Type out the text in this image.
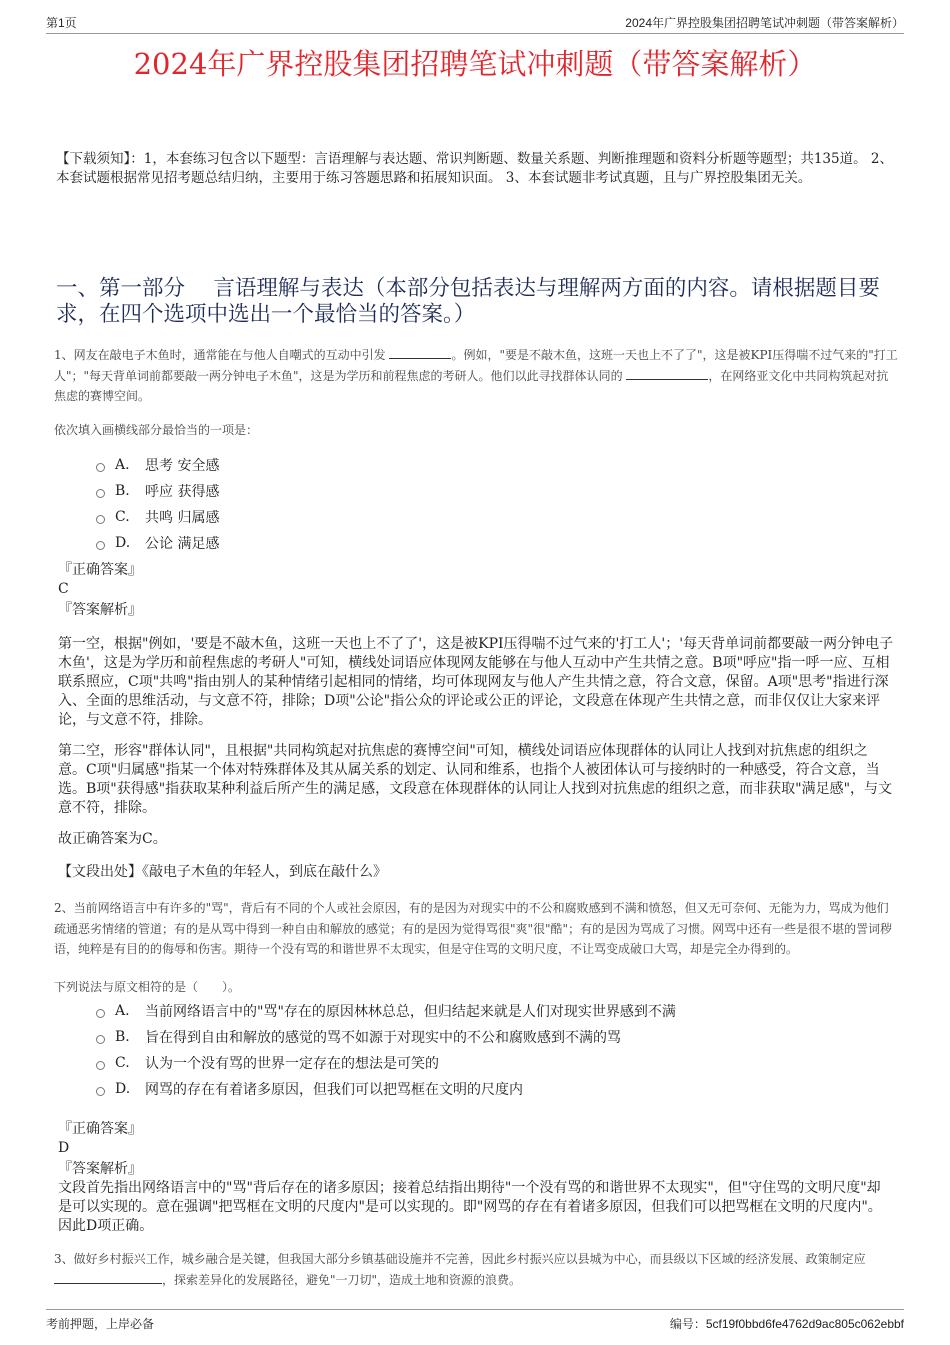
第1页	2024年广界控股集团招聘笔试冲刺题（带答案解析）
2024年广界控股集团招聘笔试冲刺题（带答案解析）
【下载须知】：1，本套练习包含以下题型：言语理解与表达题、常识判断题、数量关系题、判断推理题和资料分析题等题型；共135道。 2、本套试题根据常见招考题总结归纳，主要用于练习答题思路和拓展知识面。 3、本套试题非考试真题，且与广界控股集团无关。
一、第一部分　 言语理解与表达（本部分包括表达与理解两方面的内容。请根据题目要求，在四个选项中选出一个最恰当的答案。）
1、网友在敲电子木鱼时，通常能在与他人自嘲式的互动中引发	。例如，"要是不敲木鱼，这班一天也上不了了"，这是被KPI压得喘不过气来的"打工人"；"每天背单词前都要敲一两分钟电子木鱼"，这是为学历和前程焦虑的考研人。他们以此寻找群体认同的	，在网络亚文化中共同构筑起对抗焦虑的赛博空间。
依次填入画横线部分最恰当的一项是：
A.	思考 安全感
B.	呼应 获得感
C.	共鸣 归属感
D.	公论 满足感
『正确答案』
C
『答案解析』
第一空，根据"例如，'要是不敲木鱼，这班一天也上不了了'，这是被KPI压得喘不过气来的'打工人'；'每天背单词前都要敲一两分钟电子木鱼'，这是为学历和前程焦虑的考研人"可知，横线处词语应体现网友能够在与他人互动中产生共情之意。B项"呼应"指一呼一应、互相联系照应，C项"共鸣"指由别人的某种情绪引起相同的情绪，均可体现网友与他人产生共情之意，符合文意，保留。A项"思考"指进行深入、全面的思维活动，与文意不符，排除；D项"公论"指公众的评论或公正的评论，文段意在体现产生共情之意，而非仅仅让大家来评论，与文意不符，排除。
第二空，形容"群体认同"，且根据"共同构筑起对抗焦虑的赛博空间"可知，横线处词语应体现群体的认同让人找到对抗焦虑的组织之意。C项"归属感"指某一个体对特殊群体及其从属关系的划定、认同和维系，也指个人被团体认可与接纳时的一种感受，符合文意，当选。B项"获得感"指获取某种利益后所产生的满足感，文段意在体现群体的认同让人找到对抗焦虑的组织之意，而非获取"满足感"，与文意不符，排除。
故正确答案为C。
【文段出处】《敲电子木鱼的年轻人，到底在敲什么》
2、当前网络语言中有许多的"骂"，背后有不同的个人或社会原因，有的是因为对现实中的不公和腐败感到不满和愤怒，但又无可奈何、无能为力，骂成为他们疏通恶劣情绪的管道；有的是从骂中得到一种自由和解放的感觉；有的是因为觉得骂很"爽"很"酷"；有的是因为骂成了习惯。网骂中还有一些是很不堪的詈词秽语，纯粹是有目的的侮辱和伤害。期待一个没有骂的和谐世界不太现实，但是守住骂的文明尺度，不让骂变成破口大骂，却是完全办得到的。
下列说法与原文相符的是（　　）。
A.	当前网络语言中的"骂"存在的原因林林总总，但归结起来就是人们对现实世界感到不满
B.	旨在得到自由和解放的感觉的骂不如源于对现实中的不公和腐败感到不满的骂
C.	认为一个没有骂的世界一定存在的想法是可笑的
D.	网骂的存在有着诸多原因，但我们可以把骂框在文明的尺度内
『正确答案』
D
『答案解析』
文段首先指出网络语言中的"骂"背后存在的诸多原因；接着总结指出期待"一个没有骂的和谐世界不太现实"，但"守住骂的文明尺度"却是可以实现的。意在强调"把骂框在文明的尺度内"是可以实现的。即"网骂的存在有着诸多原因，但我们可以把骂框在文明的尺度内"。因此D项正确。
3、做好乡村振兴工作，城乡融合是关键，但我国大部分乡镇基础设施并不完善，因此乡村振兴应以县城为中心，而县级以下区域的经济发展、政策制定应 ，探索差异化的发展路径，避免"一刀切"，造成土地和资源的浪费。
考前押题，上岸必备	编号：5cf19f0bbd6fe4762d9ac805c062ebbf
